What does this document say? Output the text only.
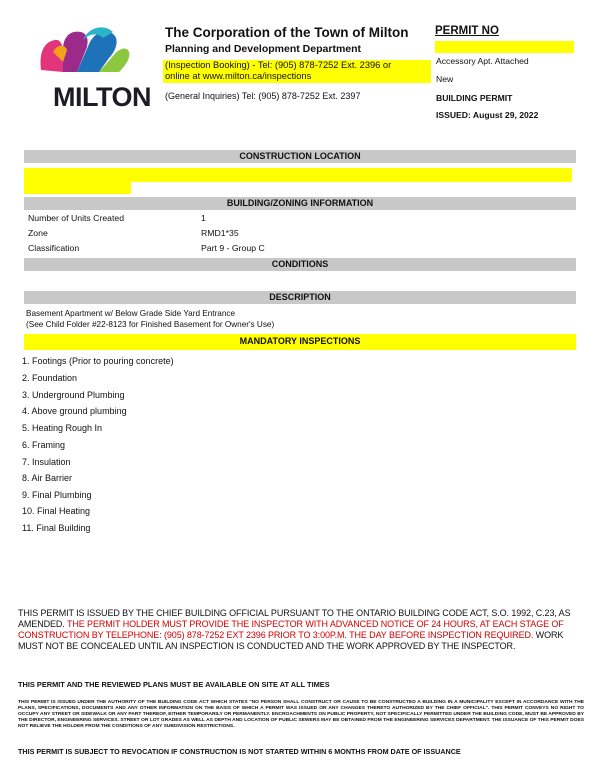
MILTON
The Corporation of the Town of Milton
Planning and Development Department
(Inspection Booking) - Tel: (905) 878-7252 Ext. 2396 or
online at www.milton.ca/inspections
(General Inquiries) Tel: (905) 878-7252 Ext. 2397
PERMIT NO
Accessory Apt. Attached
New
BUILDING PERMIT
ISSUED: August 29, 2022
CONSTRUCTION LOCATION
BUILDING/ZONING INFORMATION
Number of Units Created	1
Zone	RMD1*35
Classification	Part 9 - Group C
CONDITIONS
DESCRIPTION
Basement Apartment w/ Below Grade Side Yard Entrance
(See Child Folder #22-8123 for Finished Basement for Owner's Use)
MANDATORY INSPECTIONS
1. Footings (Prior to pouring concrete)
2. Foundation
3. Underground Plumbing
4. Above ground plumbing
5. Heating Rough In
6. Framing
7. Insulation
8. Air Barrier
9. Final Plumbing
10. Final Heating
11. Final Building
THIS PERMIT IS ISSUED BY THE CHIEF BUILDING OFFICIAL PURSUANT TO THE ONTARIO BUILDING CODE ACT, S.O. 1992, C.23, AS AMENDED. THE PERMIT HOLDER MUST PROVIDE THE INSPECTOR WITH ADVANCED NOTICE OF 24 HOURS, AT EACH STAGE OF CONSTRUCTION BY TELEPHONE: (905) 878-7252 EXT 2396 PRIOR TO 3:00P.M. THE DAY BEFORE INSPECTION REQUIRED. WORK MUST NOT BE CONCEALED UNTIL AN INSPECTION IS CONDUCTED AND THE WORK APPROVED BY THE INSPECTOR.
THIS PERMIT AND THE REVIEWED PLANS MUST BE AVAILABLE ON SITE AT ALL TIMES
THIS PERMIT IS ISSUED UNDER THE AUTHORITY OF THE BUILDING CODE ACT WHICH STATES "NO PERSON SHALL CONSTRUCT OR CAUSE TO BE CONSTRUCTED A BUILDING IN A MUNICIPALITY EXCEPT IN ACCORDANCE WITH THE PLANS, SPECIFICATIONS, DOCUMENTS AND ANY OTHER INFORMATION ON THE BASIS OF WHICH A PERMIT WAS ISSUED OR ANY CHANGES THERETO AUTHORIZED BY THE CHIEF OFFICIAL". THIS PERMIT CONVEYS NO RIGHT TO OCCUPY ANY STREET OR SIDEWALK OR ANY PART THEREOF, EITHER TEMPORARILY OR PERMANENTLY. ENCROACHMENTS ON PUBLIC PROPERTY, NOT SPECIFICALLY PERMITTED UNDER THE BUILDING CODE, MUST BE APPROVED BY THE DIRECTOR, ENGINEERING SERVICES. STREET OR LOT GRADES AS WELL AS DEPTH AND LOCATION OF PUBLIC SEWERS MAY BE OBTAINED FROM THE ENGINEERING SERVICES DEPARTMENT. THE ISSUANCE OF THIS PERMIT DOES NOT RELIEVE THE HOLDER FROM THE CONDITIONS OF ANY SUBDIVISION RESTRICTIONS.
THIS PERMIT IS SUBJECT TO REVOCATION IF CONSTRUCTION IS NOT STARTED WITHIN 6 MONTHS FROM DATE OF ISSUANCE
